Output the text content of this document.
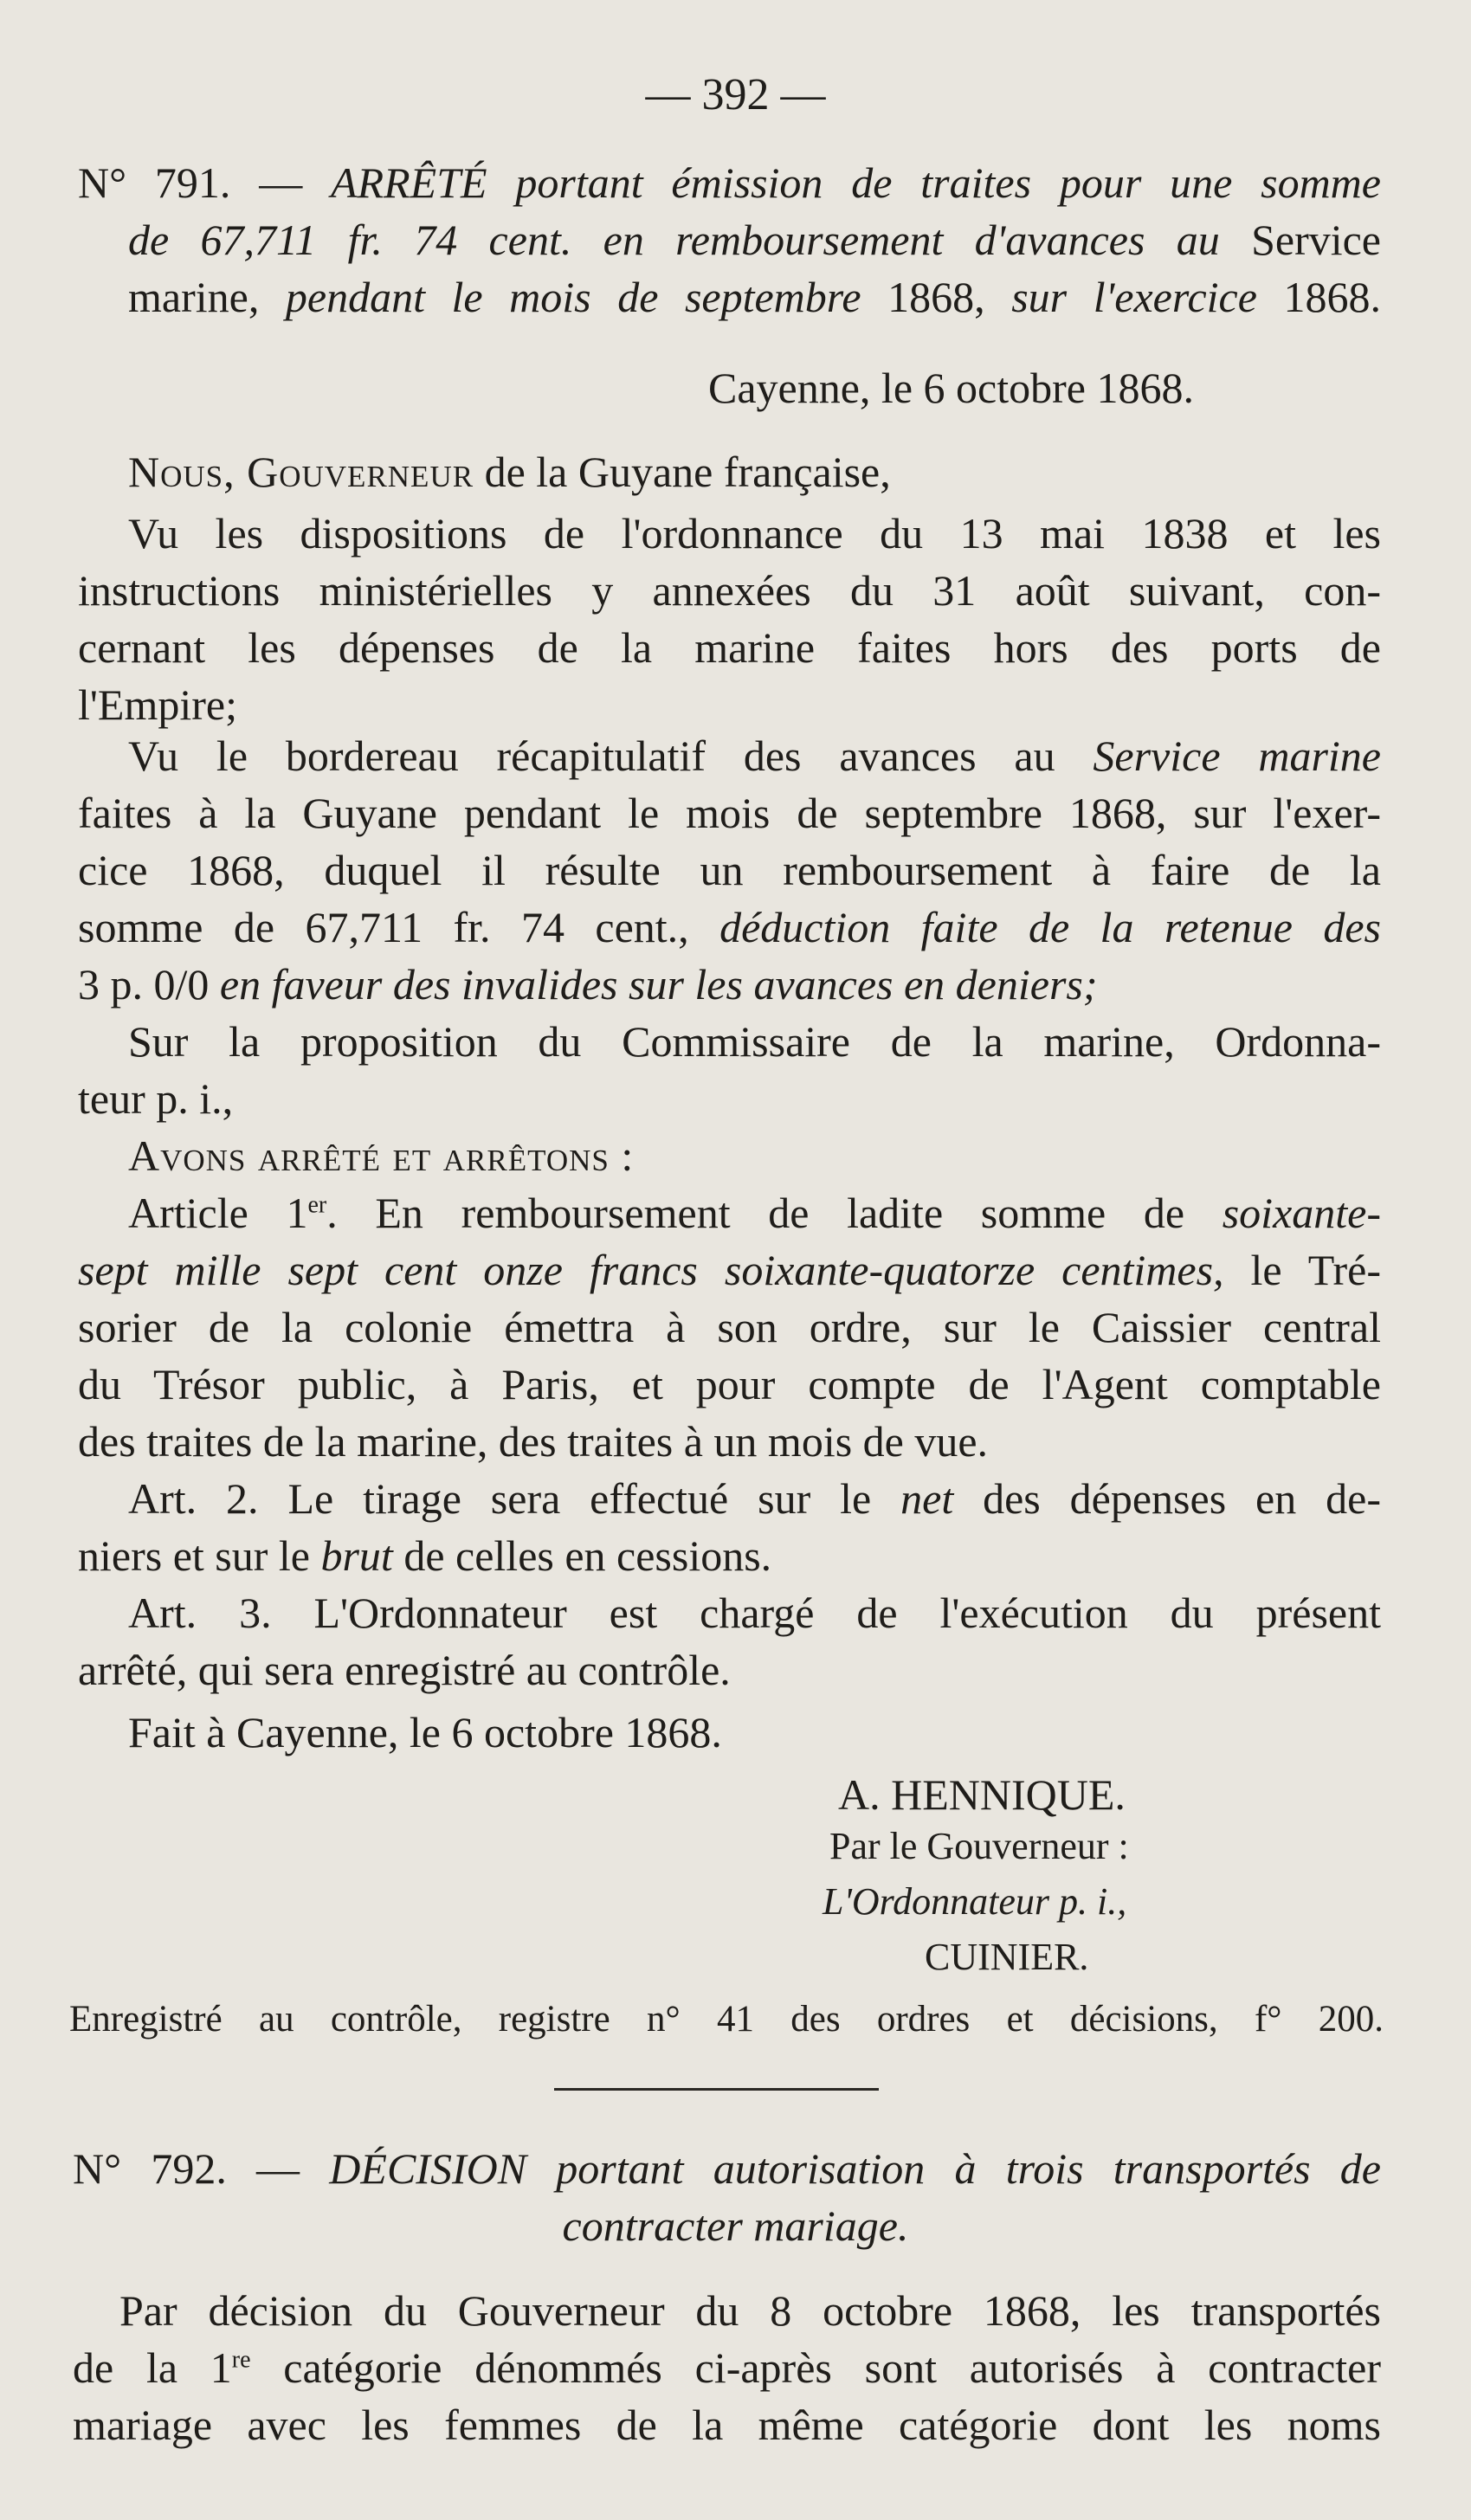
— 392 —
N° 791. — ARRÊTÉ portant émission de traites pour une somme
de 67,711 fr. 74 cent. en remboursement d'avances au Service
marine, pendant le mois de septembre 1868, sur l'exercice 1868.
Cayenne, le 6 octobre 1868.
Nous, Gouverneur de la Guyane française,
Vu les dispositions de l'ordonnance du 13 mai 1838 et les
instructions ministérielles y annexées du 31 août suivant, con-
cernant les dépenses de la marine faites hors des ports de
l'Empire;
Vu le bordereau récapitulatif des avances au Service marine
faites à la Guyane pendant le mois de septembre 1868, sur l'exer-
cice 1868, duquel il résulte un remboursement à faire de la
somme de 67,711 fr. 74 cent., déduction faite de la retenue des
3 p. 0/0 en faveur des invalides sur les avances en deniers;
Sur la proposition du Commissaire de la marine, Ordonna-
teur p. i.,
Avons arrêté et arrêtons :
Article 1er. En remboursement de ladite somme de soixante-
sept mille sept cent onze francs soixante-quatorze centimes, le Tré-
sorier de la colonie émettra à son ordre, sur le Caissier central
du Trésor public, à Paris, et pour compte de l'Agent comptable
des traites de la marine, des traites à un mois de vue.
Art. 2. Le tirage sera effectué sur le net des dépenses en de-
niers et sur le brut de celles en cessions.
Art. 3. L'Ordonnateur est chargé de l'exécution du présent
arrêté, qui sera enregistré au contrôle.
Fait à Cayenne, le 6 octobre 1868.
A. HENNIQUE.
Par le Gouverneur :
L'Ordonnateur p. i.,
CUINIER.
Enregistré au contrôle, registre n° 41 des ordres et décisions, f° 200.
N° 792. — DÉCISION portant autorisation à trois transportés de
contracter mariage.
Par décision du Gouverneur du 8 octobre 1868, les transportés
de la 1re catégorie dénommés ci-après sont autorisés à contracter
mariage avec les femmes de la même catégorie dont les noms
